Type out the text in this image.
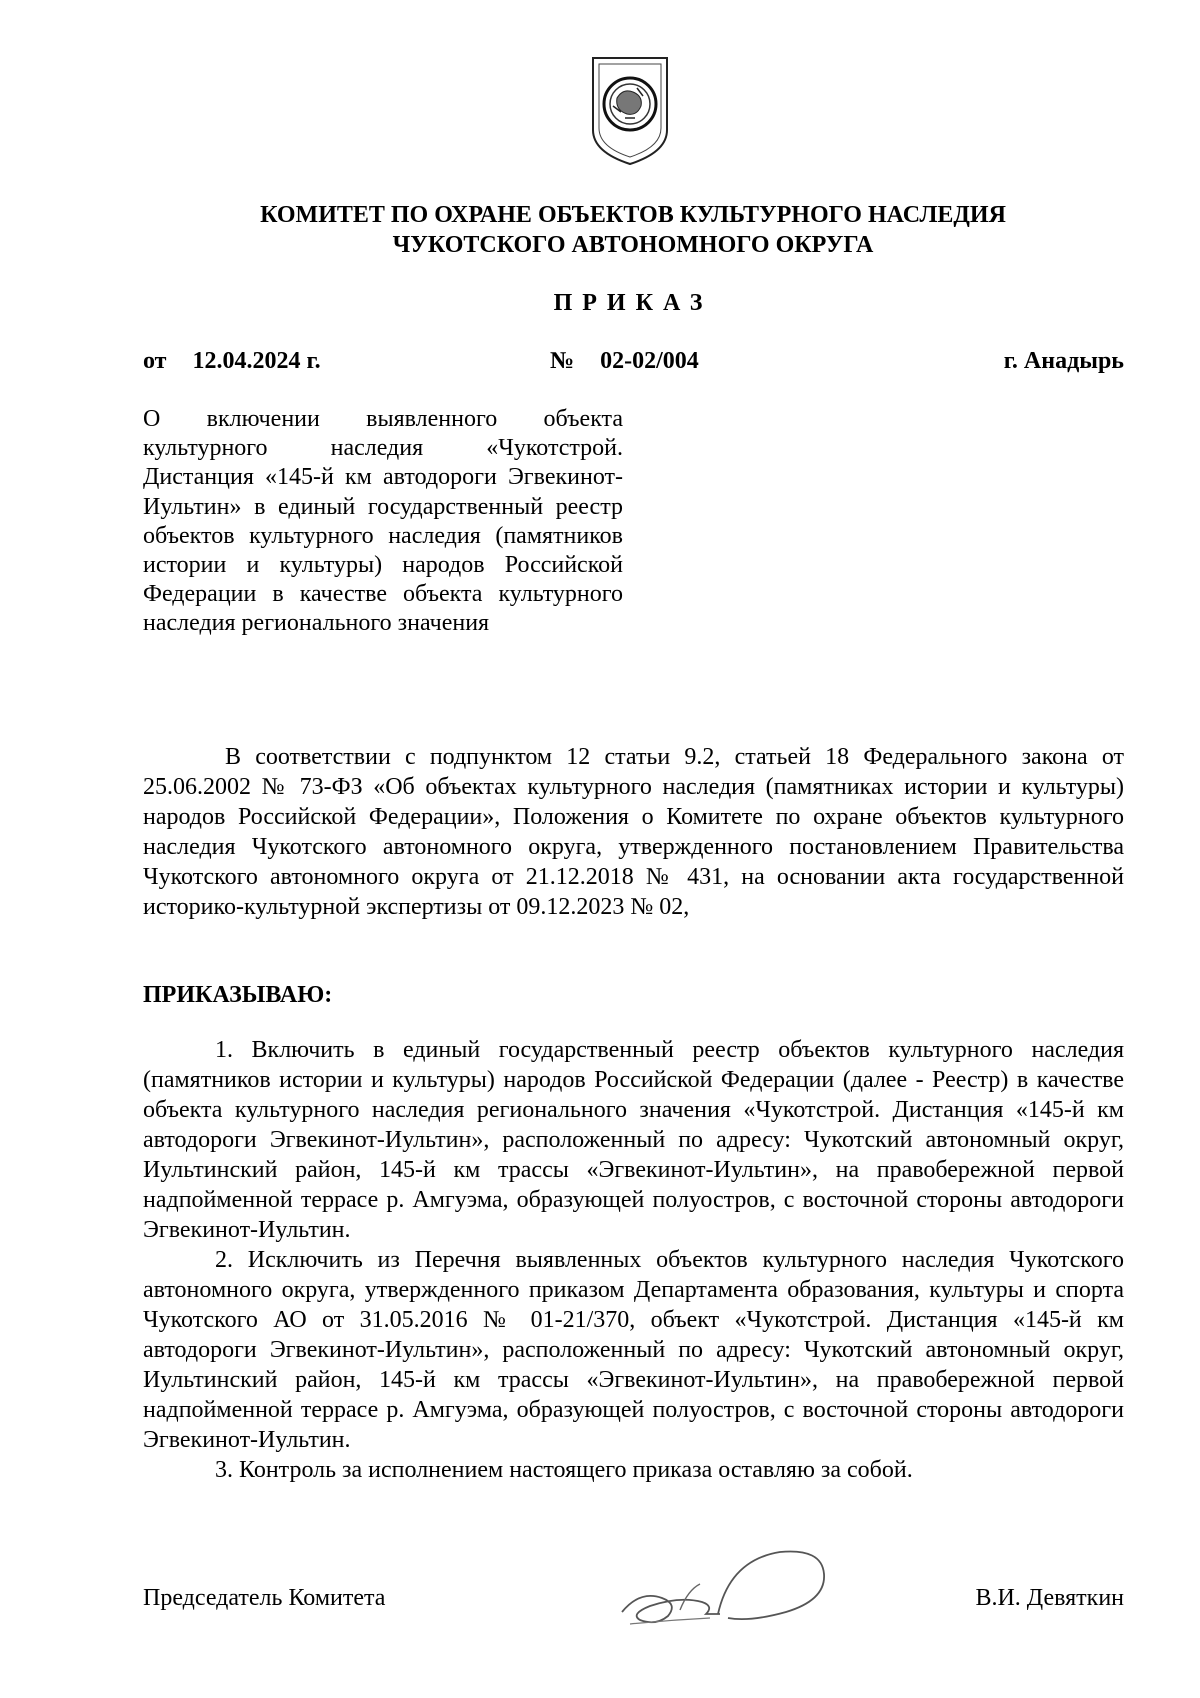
КОМИТЕТ ПО ОХРАНЕ ОБЪЕКТОВ КУЛЬТУРНОГО НАСЛЕДИЯ
ЧУКОТСКОГО АВТОНОМНОГО ОКРУГА
ПРИКАЗ
от 12.04.2024 г.	№ 02-02/004	г. Анадырь
О включении выявленного объекта культурного наследия «Чукотстрой. Дистанция «145-й км автодороги Эгвекинот-Иультин» в единый государственный реестр объектов культурного наследия (памятников истории и культуры) народов Российской Федерации в качестве объекта культурного наследия регионального значения

В соответствии с подпунктом 12 статьи 9.2, статьей 18 Федерального закона от 25.06.2002 № 73-ФЗ «Об объектах культурного наследия (памятниках истории и культуры) народов Российской Федерации», Положения о Комитете по охране объектов культурного наследия Чукотского автономного округа, утвержденного постановлением Правительства Чукотского автономного округа от 21.12.2018 № 431, на основании акта государственной историко-культурной экспертизы от 09.12.2023 № 02,

ПРИКАЗЫВАЮ:

1. Включить в единый государственный реестр объектов культурного наследия (памятников истории и культуры) народов Российской Федерации (далее - Реестр) в качестве объекта культурного наследия регионального значения «Чукотстрой. Дистанция «145-й км автодороги Эгвекинот-Иультин», расположенный по адресу: Чукотский автономный округ, Иультинский район, 145-й км трассы «Эгвекинот-Иультин», на правобережной первой надпойменной террасе р. Амгуэма, образующей полуостров, с восточной стороны автодороги Эгвекинот-Иультин.

2. Исключить из Перечня выявленных объектов культурного наследия Чукотского автономного округа, утвержденного приказом Департамента образования, культуры и спорта Чукотского АО от 31.05.2016 № 01-21/370, объект «Чукотстрой. Дистанция «145-й км автодороги Эгвекинот-Иультин», расположенный по адресу: Чукотский автономный округ, Иультинский район, 145-й км трассы «Эгвекинот-Иультин», на правобережной первой надпойменной террасе р. Амгуэма, образующей полуостров, с восточной стороны автодороги Эгвекинот-Иультин.

3. Контроль за исполнением настоящего приказа оставляю за собой.

Председатель Комитета	В.И. Девяткин
